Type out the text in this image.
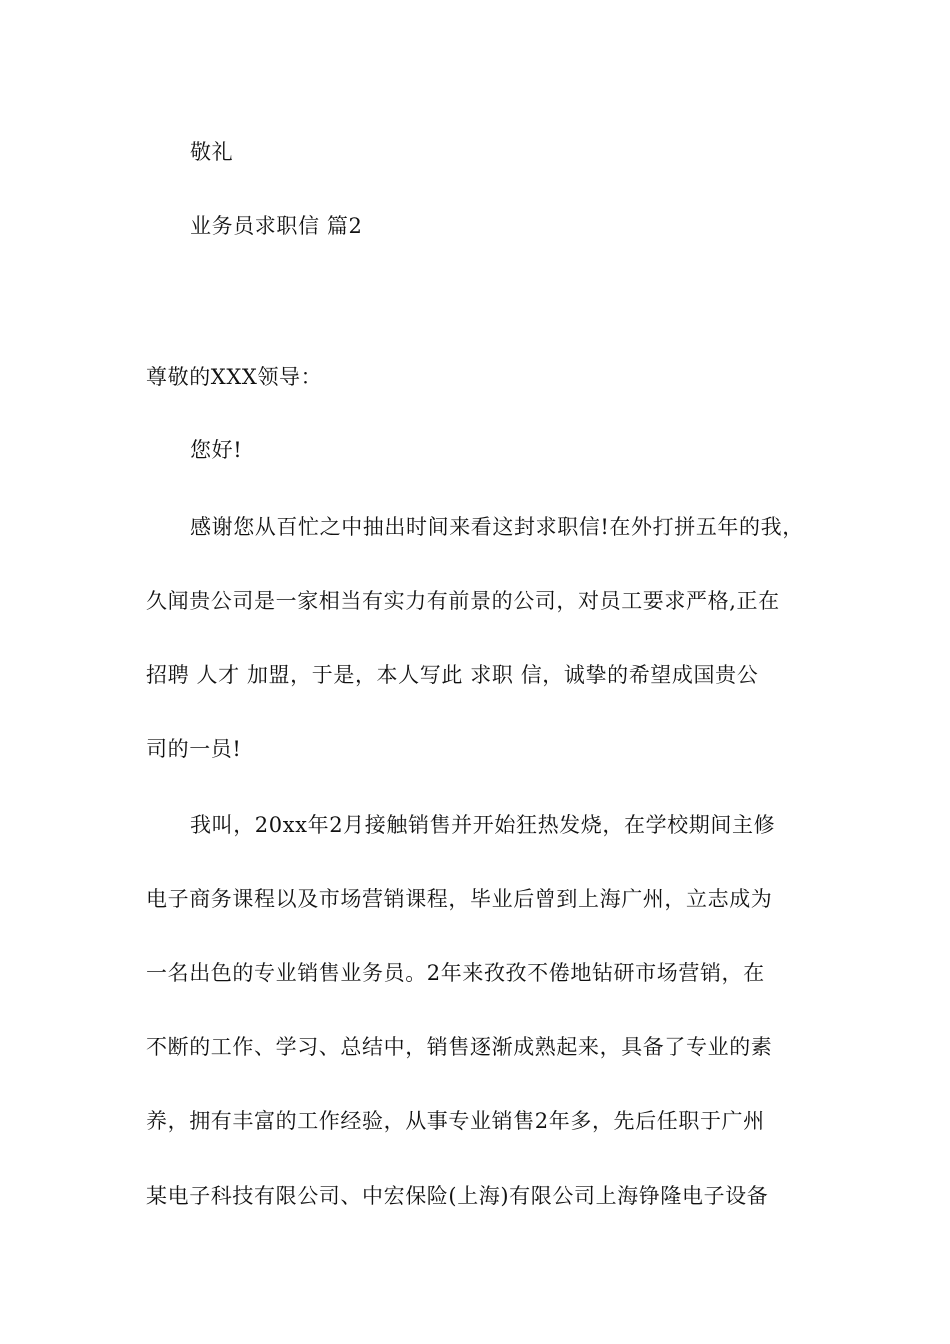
敬礼
业务员求职信 篇2
尊敬的XXX领导：
您好!
感谢您从百忙之中抽出时间来看这封求职信!在外打拼五年的我，
久闻贵公司是一家相当有实力有前景的公司，对员工要求严格,正在
招聘 人才 加盟，于是，本人写此 求职 信，诚挚的希望成国贵公
司的一员!
我叫，20xx年2月接触销售并开始狂热发烧，在学校期间主修
电子商务课程以及市场营销课程，毕业后曾到上海广州，立志成为
一名出色的专业销售业务员。2年来孜孜不倦地钻研市场营销，在
不断的工作、学习、总结中，销售逐渐成熟起来，具备了专业的素
养，拥有丰富的工作经验，从事专业销售2年多，先后任职于广州
某电子科技有限公司、中宏保险(上海)有限公司上海铮隆电子设备
